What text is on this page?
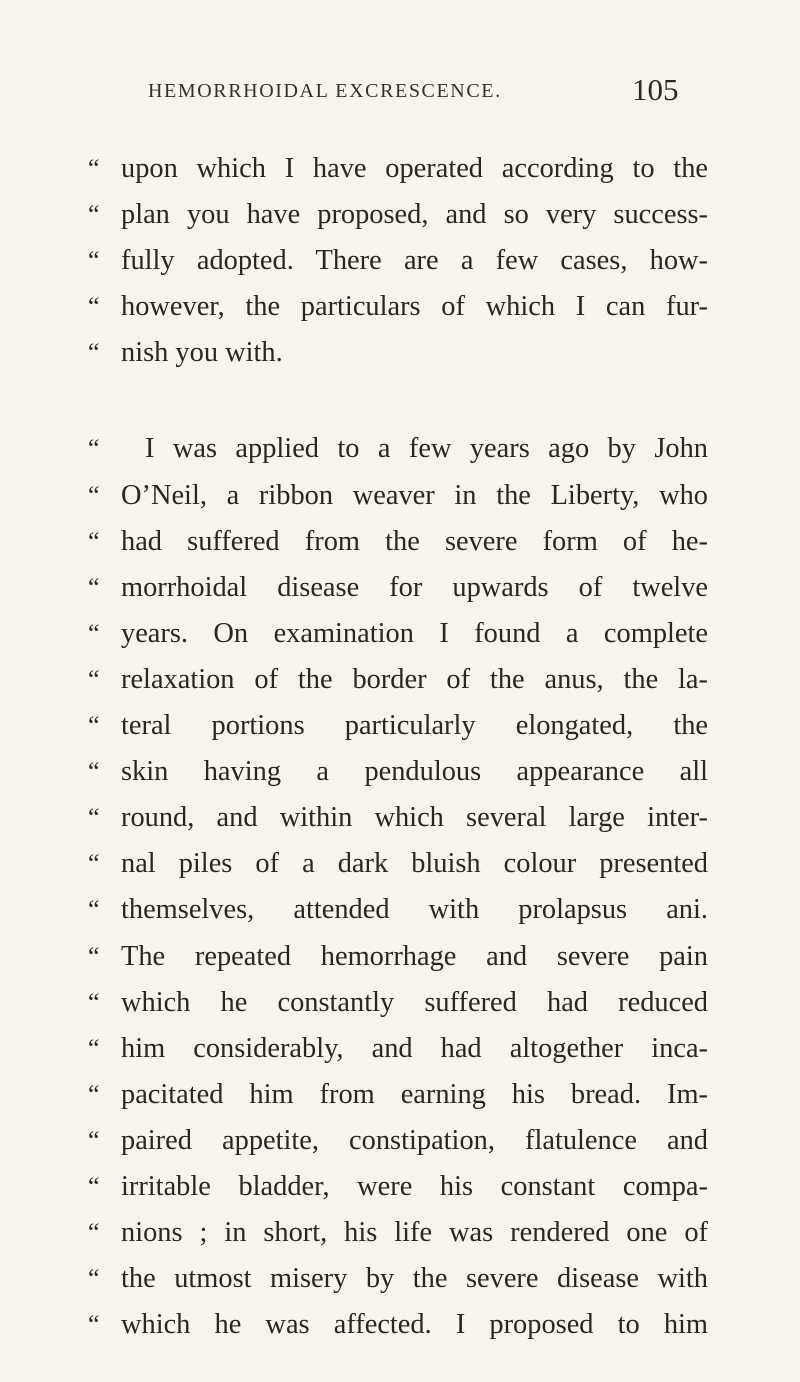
HEMORRHOIDAL EXCRESCENCE.	105
“ upon which I have operated according to the
“ plan you have proposed, and so very success-
“ fully adopted. There are a few cases, how-
“ however, the particulars of which I can fur-
“ nish you with.
“	I was applied to a few years ago by John
“ O’Neil, a ribbon weaver in the Liberty, who
“ had suffered from the severe form of he-
“ morrhoidal disease for upwards of twelve
“ years. On examination I found a complete
“ relaxation of the border of the anus, the la-
“ teral portions particularly elongated, the
“ skin having a pendulous appearance all
“ round, and within which several large inter-
“ nal piles of a dark bluish colour presented
“ themselves, attended with prolapsus ani.
“ The repeated hemorrhage and severe pain
“ which he constantly suffered had reduced
“ him considerably, and had altogether inca-
“ pacitated him from earning his bread. Im-
“ paired appetite, constipation, flatulence and
“ irritable bladder, were his constant compa-
“ nions ; in short, his life was rendered one of
“ the utmost misery by the severe disease with
“ which he was affected. I proposed to him
